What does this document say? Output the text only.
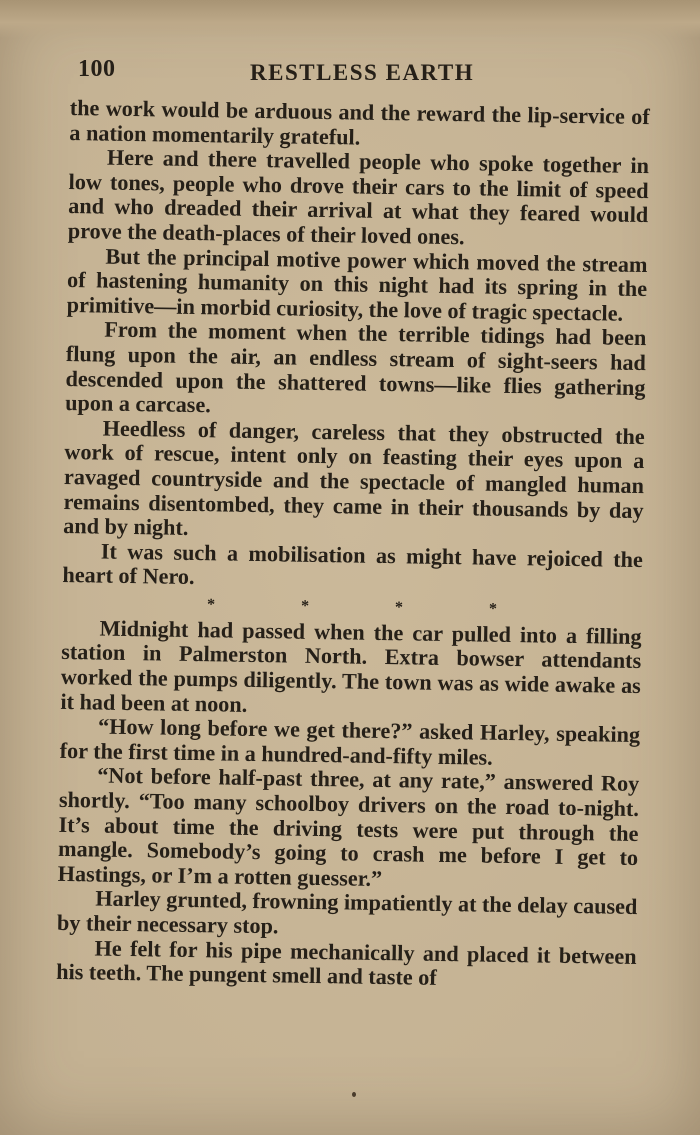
100	RESTLESS EARTH

the work would be arduous and the reward the lip-service of a nation momentarily grateful.

Here and there travelled people who spoke together in low tones, people who drove their cars to the limit of speed and who dreaded their arrival at what they feared would prove the death-places of their loved ones.

But the principal motive power which moved the stream of hastening humanity on this night had its spring in the primitive—in morbid curiosity, the love of tragic spectacle.

From the moment when the terrible tidings had been flung upon the air, an endless stream of sight-seers had descended upon the shattered towns—like flies gathering upon a carcase.

Heedless of danger, careless that they obstructed the work of rescue, intent only on feasting their eyes upon a ravaged countryside and the spectacle of mangled human remains disentombed, they came in their thousands by day and by night.

It was such a mobilisation as might have rejoiced the heart of Nero.

*	*	*	*

Midnight had passed when the car pulled into a filling station in Palmerston North. Extra bowser attendants worked the pumps diligently. The town was as wide awake as it had been at noon.

“How long before we get there?” asked Harley, speaking for the first time in a hundred-and-fifty miles.

“Not before half-past three, at any rate,” answered Roy shortly. “Too many schoolboy drivers on the road to-night. It’s about time the driving tests were put through the mangle. Somebody’s going to crash me before I get to Hastings, or I’m a rotten guesser.”

Harley grunted, frowning impatiently at the delay caused by their necessary stop.

He felt for his pipe mechanically and placed it between his teeth. The pungent smell and taste of
